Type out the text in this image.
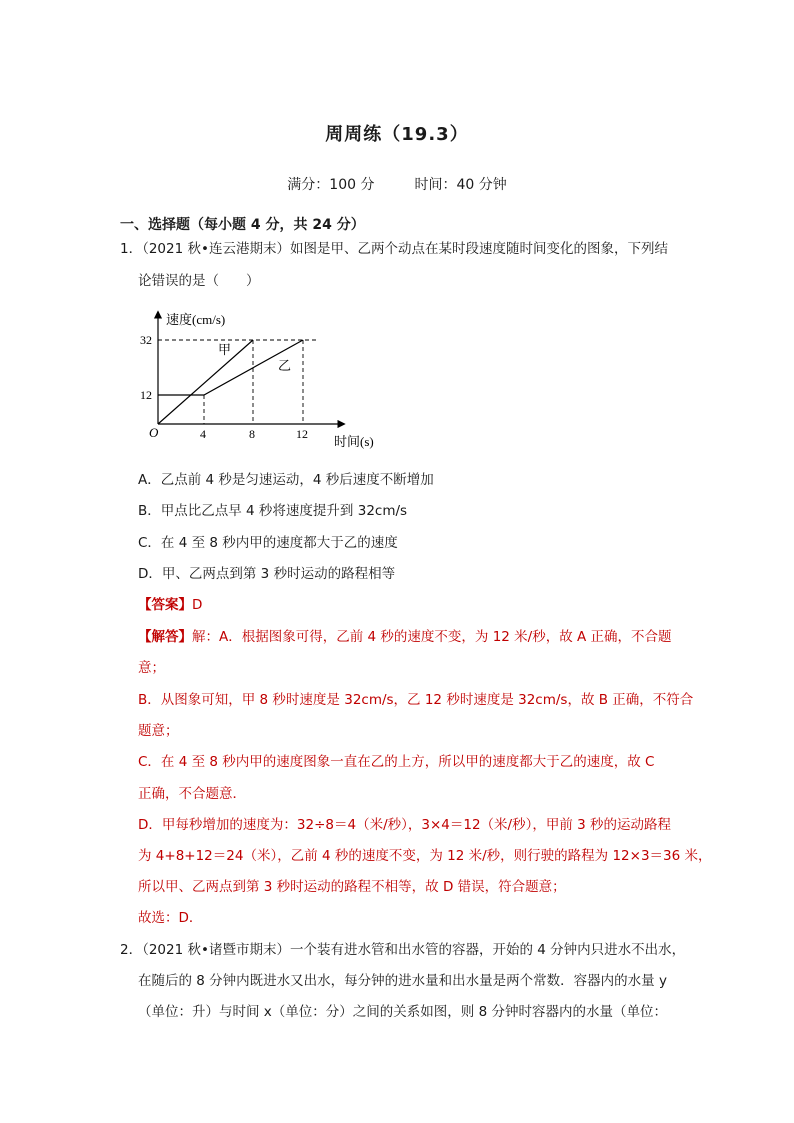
周周练（19.3）
满分：100 分	时间：40 分钟
一、选择题（每小题 4 分，共 24 分）
1．（2021 秋•连云港期末）如图是甲、乙两个动点在某时段速度随时间变化的图象，下列结
论错误的是（　　）
速度(cm/s)
时间(s)
O
32
12
4	8	12
甲
乙
A．乙点前 4 秒是匀速运动，4 秒后速度不断增加
B．甲点比乙点早 4 秒将速度提升到 32cm/s
C．在 4 至 8 秒内甲的速度都大于乙的速度
D．甲、乙两点到第 3 秒时运动的路程相等
【答案】D
【解答】解：A．根据图象可得，乙前 4 秒的速度不变，为 12 米/秒，故 A 正确，不合题
意；
B．从图象可知，甲 8 秒时速度是 32cm/s，乙 12 秒时速度是 32cm/s，故 B 正确，不符合
题意；
C．在 4 至 8 秒内甲的速度图象一直在乙的上方，所以甲的速度都大于乙的速度，故 C
正确，不合题意．
D．甲每秒增加的速度为：32÷8＝4（米/秒），3×4＝12（米/秒），甲前 3 秒的运动路程
为 4+8+12＝24（米），乙前 4 秒的速度不变，为 12 米/秒，则行驶的路程为 12×3＝36 米，
所以甲、乙两点到第 3 秒时运动的路程不相等，故 D 错误，符合题意；
故选：D．
2．（2021 秋•诸暨市期末）一个装有进水管和出水管的容器，开始的 4 分钟内只进水不出水，
在随后的 8 分钟内既进水又出水，每分钟的进水量和出水量是两个常数．容器内的水量 y
（单位：升）与时间 x（单位：分）之间的关系如图，则 8 分钟时容器内的水量（单位：
